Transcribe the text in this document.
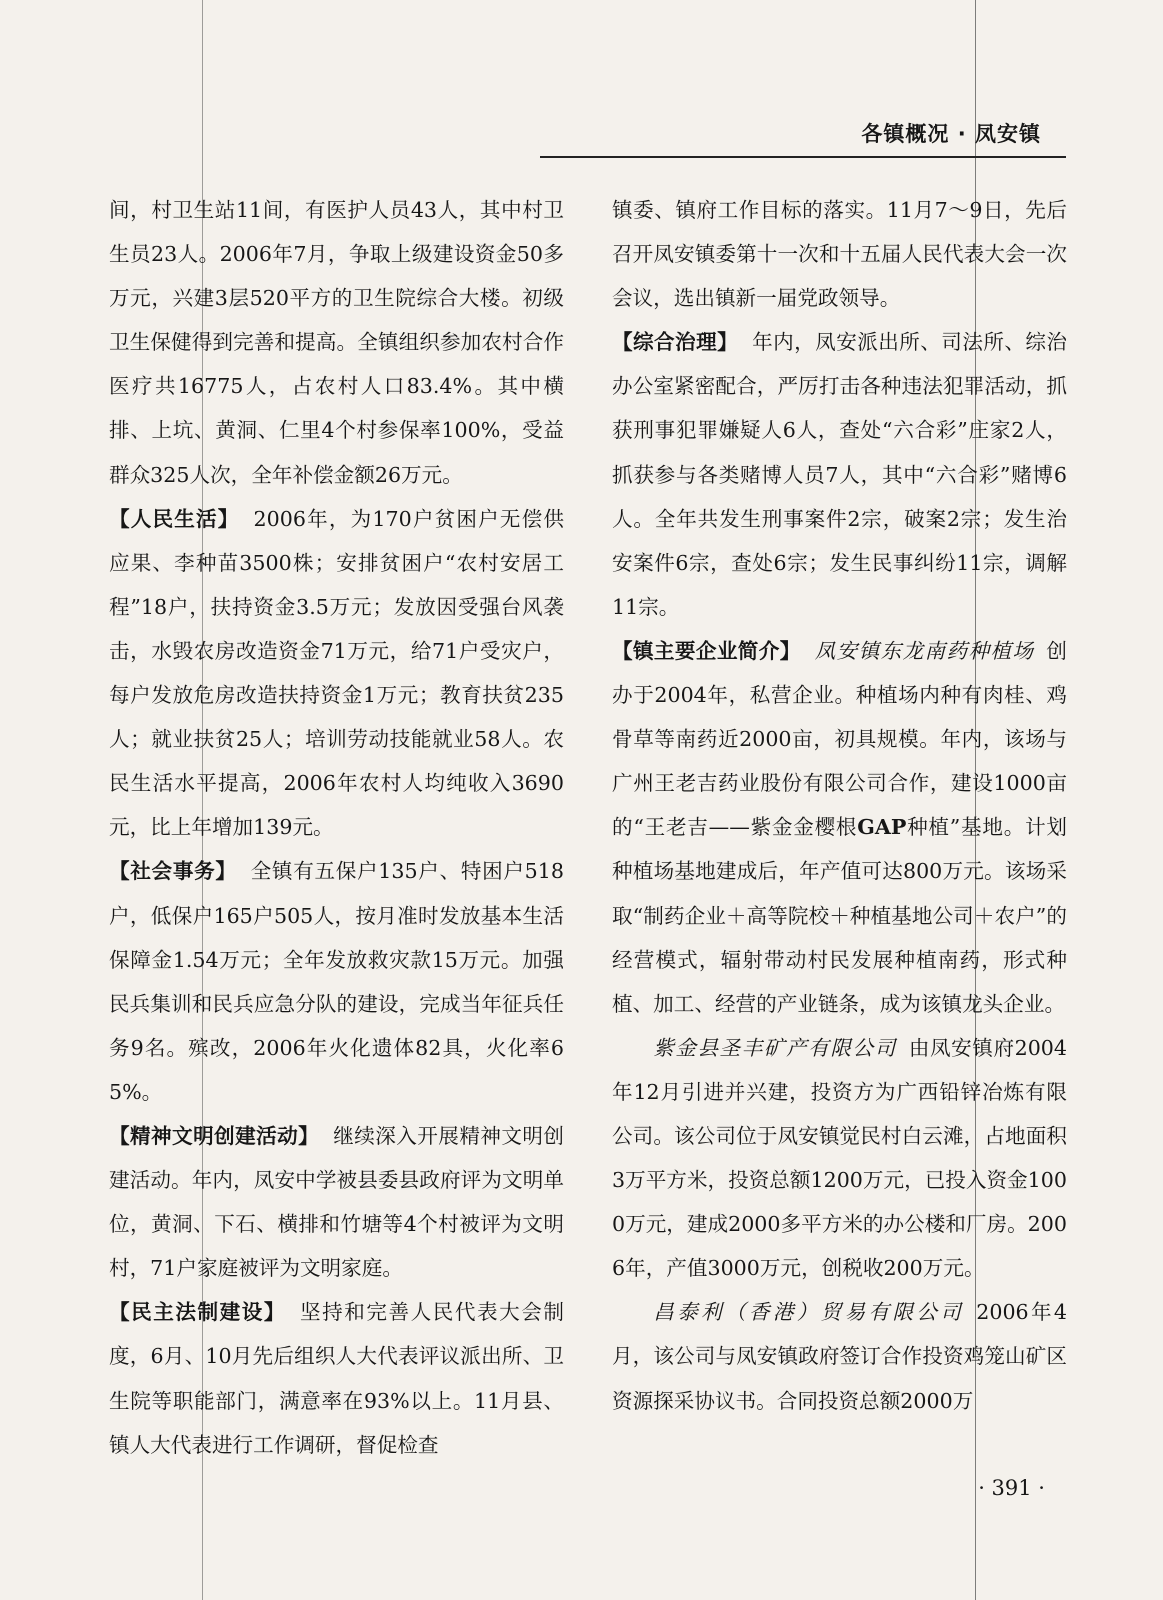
各镇概况 · 凤安镇

间，村卫生站11间，有医护人员43人，其中村卫生员23人。2006年7月，争取上级建设资金50多万元，兴建3层520平方的卫生院综合大楼。初级卫生保健得到完善和提高。全镇组织参加农村合作医疗共16775人，占农村人口83.4%。其中横排、上坑、黄洞、仁里4个村参保率100%，受益群众325人次，全年补偿金额26万元。

【人民生活】 2006年，为170户贫困户无偿供应果、李种苗3500株；安排贫困户“农村安居工程”18户，扶持资金3.5万元；发放因受强台风袭击，水毁农房改造资金71万元，给71户受灾户，每户发放危房改造扶持资金1万元；教育扶贫235人；就业扶贫25人；培训劳动技能就业58人。农民生活水平提高，2006年农村人均纯收入3690元，比上年增加139元。

【社会事务】 全镇有五保户135户、特困户518户，低保户165户505人，按月准时发放基本生活保障金1.54万元；全年发放救灾款15万元。加强民兵集训和民兵应急分队的建设，完成当年征兵任务9名。殡改，2006年火化遗体82具，火化率65%。

【精神文明创建活动】 继续深入开展精神文明创建活动。年内，凤安中学被县委县政府评为文明单位，黄洞、下石、横排和竹塘等4个村被评为文明村，71户家庭被评为文明家庭。

【民主法制建设】 坚持和完善人民代表大会制度，6月、10月先后组织人大代表评议派出所、卫生院等职能部门，满意率在93%以上。11月县、镇人大代表进行工作调研，督促检查

镇委、镇府工作目标的落实。11月7～9日，先后召开凤安镇委第十一次和十五届人民代表大会一次会议，选出镇新一届党政领导。

【综合治理】 年内，凤安派出所、司法所、综治办公室紧密配合，严厉打击各种违法犯罪活动，抓获刑事犯罪嫌疑人6人，查处“六合彩”庄家2人，抓获参与各类赌博人员7人，其中“六合彩”赌博6人。全年共发生刑事案件2宗，破案2宗；发生治安案件6宗，查处6宗；发生民事纠纷11宗，调解11宗。

【镇主要企业简介】 凤安镇东龙南药种植场 创办于2004年，私营企业。种植场内种有肉桂、鸡骨草等南药近2000亩，初具规模。年内，该场与广州王老吉药业股份有限公司合作，建设1000亩的“王老吉——紫金金樱根GAP种植”基地。计划种植场基地建成后，年产值可达800万元。该场采取“制药企业＋高等院校＋种植基地公司＋农户”的经营模式，辐射带动村民发展种植南药，形式种植、加工、经营的产业链条，成为该镇龙头企业。

紫金县圣丰矿产有限公司 由凤安镇府2004年12月引进并兴建，投资方为广西铅锌冶炼有限公司。该公司位于凤安镇觉民村白云滩，占地面积3万平方米，投资总额1200万元，已投入资金1000万元，建成2000多平方米的办公楼和厂房。2006年，产值3000万元，创税收200万元。

昌泰利（香港）贸易有限公司 2006年4月，该公司与凤安镇政府签订合作投资鸡笼山矿区资源探采协议书。合同投资总额2000万

· 391 ·
